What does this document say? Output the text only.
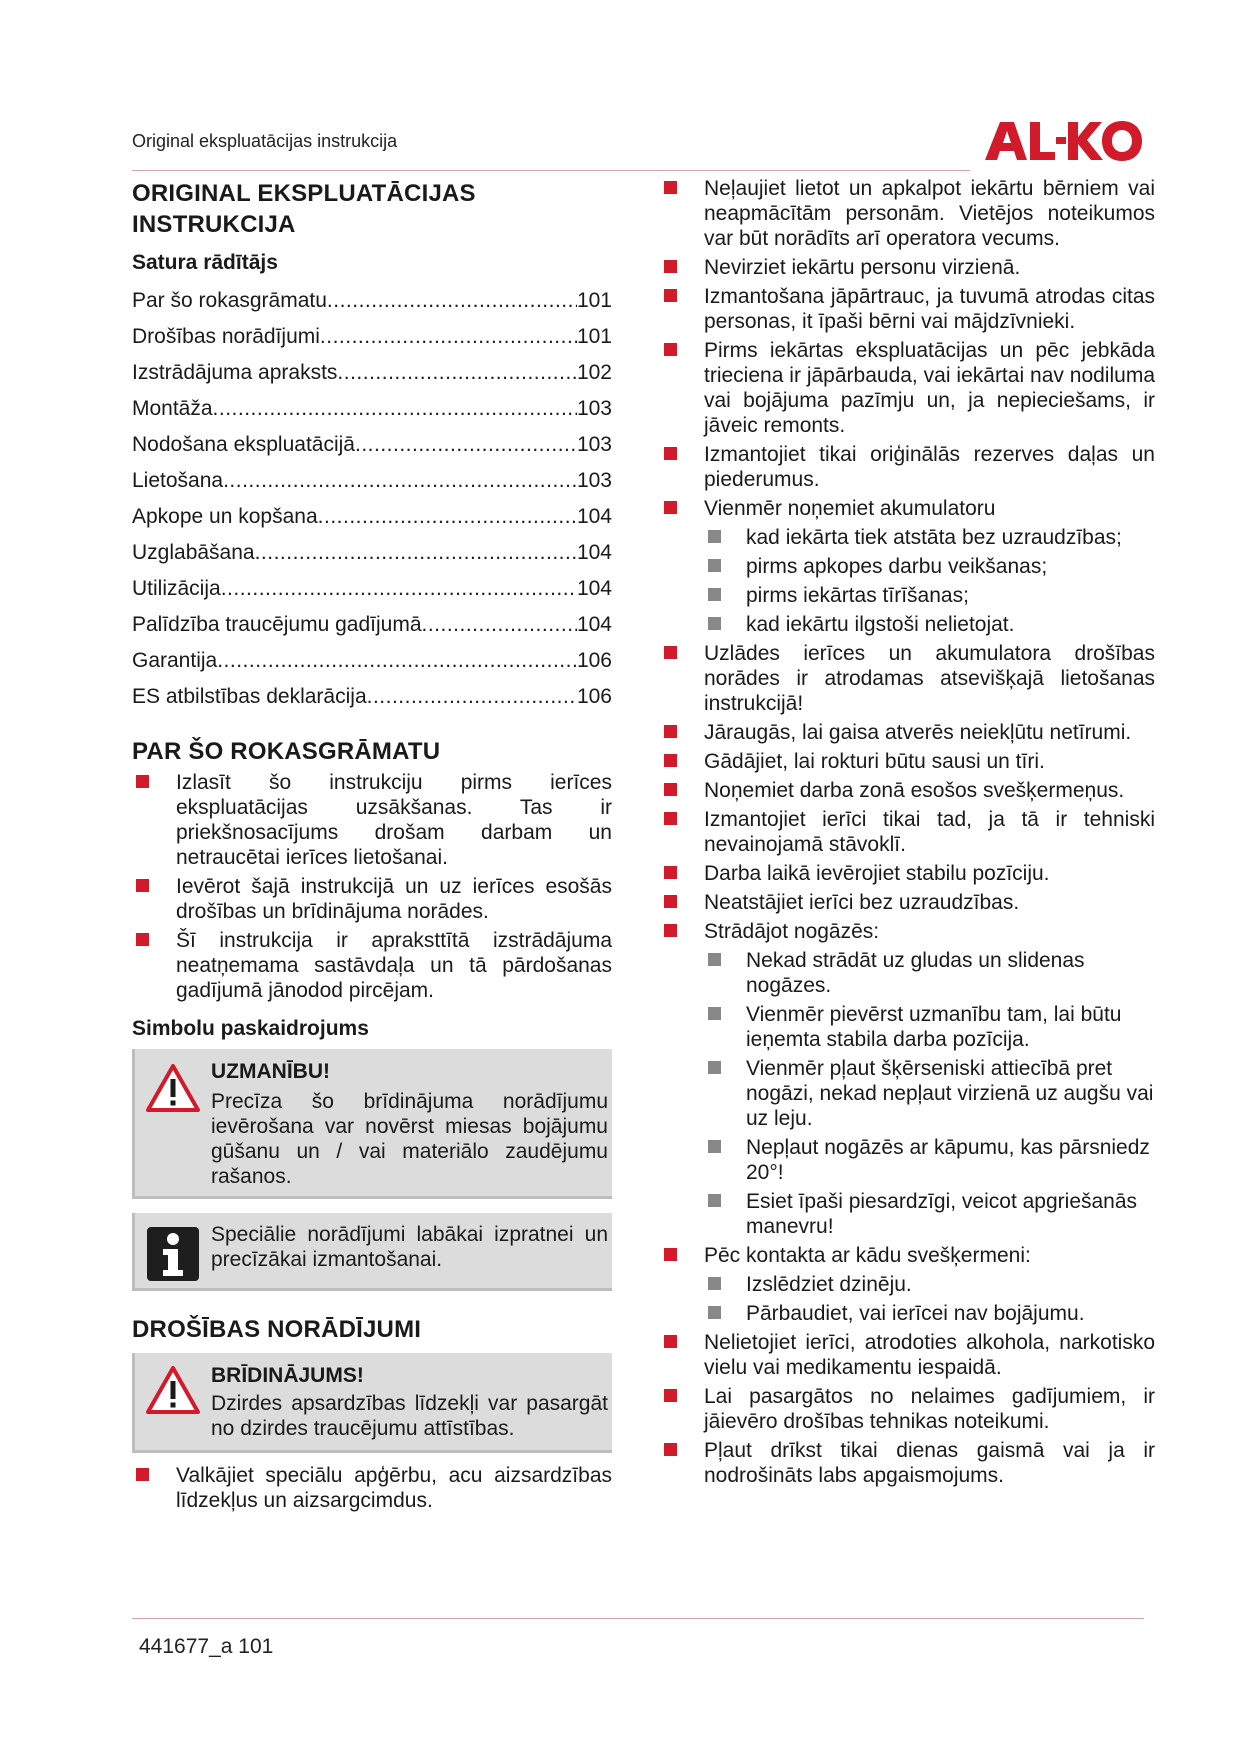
Original ekspluatācijas instrukcija
ORIGINAL EKSPLUATĀCIJAS INSTRUKCIJA
Satura rādītājs
Par šo rokasgrāmatu .....	101
Drošības norādījumi .....	101
Izstrādājuma apraksts .....	102
Montāža .....	103
Nodošana ekspluatācijā .....	103
Lietošana .....	103
Apkope un kopšana .....	104
Uzglabāšana .....	104
Utilizācija .....	104
Palīdzība traucējumu gadījumā .....	104
Garantija .....	106
ES atbilstības deklarācija .....	106
PAR ŠO ROKASGRĀMATU
Izlasīt šo instrukciju pirms ierīces ekspluatācijas uzsākšanas. Tas ir priekšnosacījums drošam darbam un netraucētai ierīces lietošanai.
Ievērot šajā instrukcijā un uz ierīces esošās drošības un brīdinājuma norādes.
Šī instrukcija ir apraksttītā izstrādājuma neatņemama sastāvdaļa un tā pārdošanas gadījumā jānodod pircējam.
Simbolu paskaidrojums
UZMANĪBU!
Precīza šo brīdinājuma norādījumu ievērošana var novērst miesas bojājumu gūšanu un / vai materiālo zaudējumu rašanos.
Speciālie norādījumi labākai izpratnei un precīzākai izmantošanai.
DROŠĪBAS NORĀDĪJUMI
BRĪDINĀJUMS!
Dzirdes apsardzības līdzekļi var pasargāt no dzirdes traucējumu attīstības.
Valkājiet speciālu apģērbu, acu aizsardzības līdzekļus un aizsargcimdus.
Neļaujiet lietot un apkalpot iekārtu bērniem vai neapmācītām personām. Vietējos noteikumos var būt norādīts arī operatora vecums.
Nevirziet iekārtu personu virzienā.
Izmantošana jāpārtrauc, ja tuvumā atrodas citas personas, it īpaši bērni vai mājdzīvnieki.
Pirms iekārtas ekspluatācijas un pēc jebkāda trieciena ir jāpārbauda, vai iekārtai nav nodiluma vai bojājuma pazīmju un, ja nepieciešams, ir jāveic remonts.
Izmantojiet tikai oriģinālās rezerves daļas un piederumus.
Vienmēr noņemiet akumulatoru
kad iekārta tiek atstāta bez uzraudzības;
pirms apkopes darbu veikšanas;
pirms iekārtas tīrīšanas;
kad iekārtu ilgstoši nelietojat.
Uzlādes ierīces un akumulatora drošības norādes ir atrodamas atsevišķajā lietošanas instrukcijā!
Jāraugās, lai gaisa atverēs neiekļūtu netīrumi.
Gādājiet, lai rokturi būtu sausi un tīri.
Noņemiet darba zonā esošos svešķermeņus.
Izmantojiet ierīci tikai tad, ja tā ir tehniski nevainojamā stāvoklī.
Darba laikā ievērojiet stabilu pozīciju.
Neatstājiet ierīci bez uzraudzības.
Strādājot nogāzēs:
Nekad strādāt uz gludas un slidenas nogāzes.
Vienmēr pievērst uzmanību tam, lai būtu ieņemta stabila darba pozīcija.
Vienmēr pļaut šķērseniski attiecībā pret nogāzi, nekad nepļaut virzienā uz augšu vai uz leju.
Nepļaut nogāzēs ar kāpumu, kas pārsniedz 20°!
Esiet īpaši piesardzīgi, veicot apgriešanās manevru!
Pēc kontakta ar kādu svešķermeni:
Izslēdziet dzinēju.
Pārbaudiet, vai ierīcei nav bojājumu.
Nelietojiet ierīci, atrodoties alkohola, narkotisko vielu vai medikamentu iespaidā.
Lai pasargātos no nelaimes gadījumiem, ir jāievēro drošības tehnikas noteikumi.
Pļaut drīkst tikai dienas gaismā vai ja ir nodrošināts labs apgaismojums.
441677_a 101
